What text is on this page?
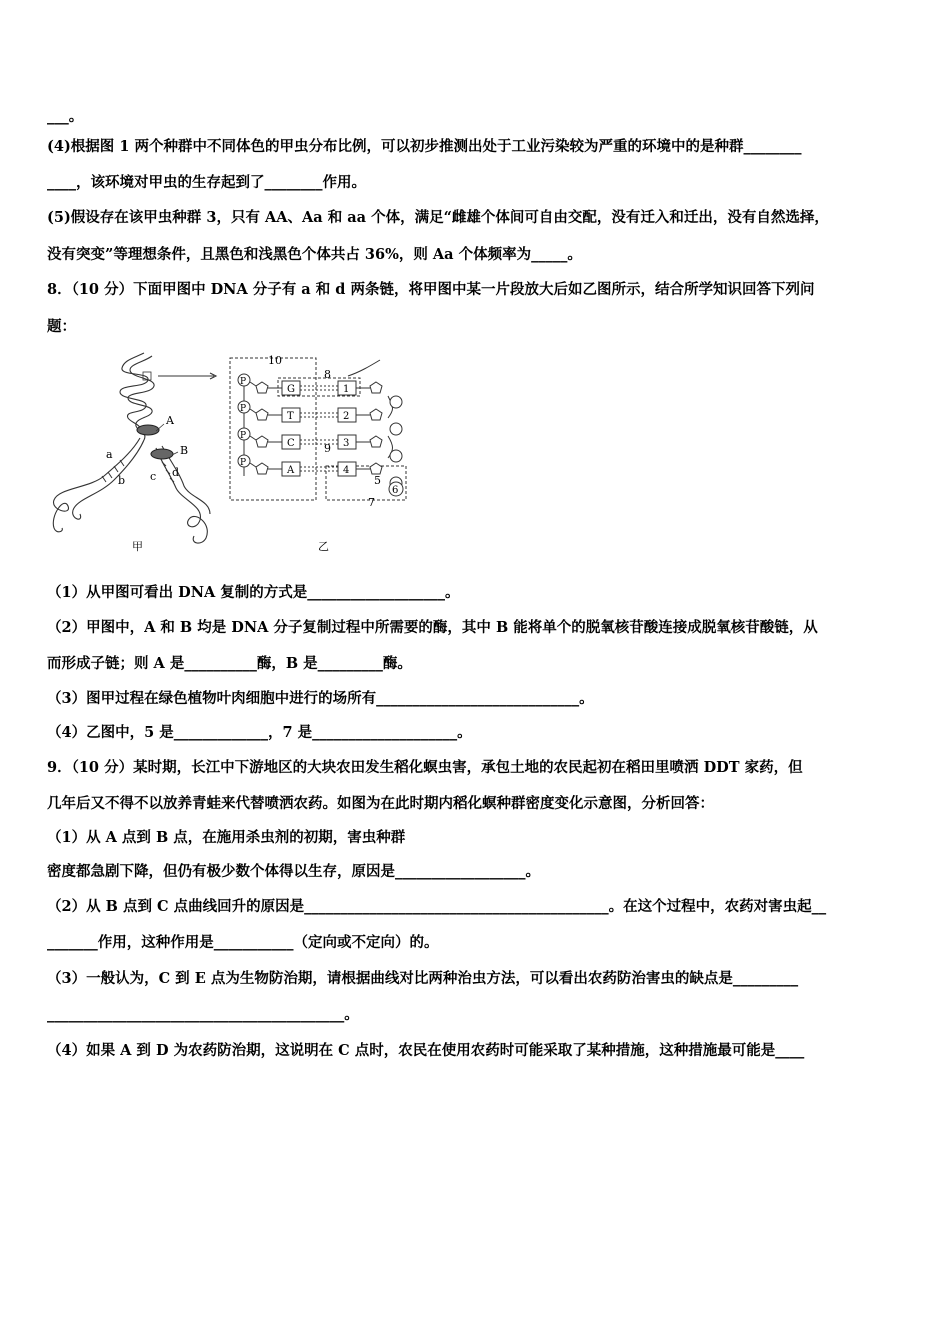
___。
(4)根据图 1 两个种群中不同体色的甲虫分布比例，可以初步推测出处于工业污染较为严重的环境中的是种群________
____，该环境对甲虫的生存起到了________作用。
(5)假设存在该甲虫种群 3，只有 AA、Aa 和 aa 个体，满足“雌雄个体间可自由交配，没有迁入和迁出，没有自然选择，
没有突变”等理想条件，且黑色和浅黑色个体共占 36%，则 Aa 个体频率为_____。
8．（10 分）下面甲图中 DNA 分子有 a 和 d 两条链，将甲图中某一片段放大后如乙图所示，结合所学知识回答下列问
题：
（1）从甲图可看出 DNA 复制的方式是___________________。
（2）甲图中，A 和 B 均是 DNA 分子复制过程中所需要的酶，其中 B 能将单个的脱氧核苷酸连接成脱氧核苷酸链，从
而形成子链；则 A 是__________酶，B 是_________酶。
（3）图甲过程在绿色植物叶肉细胞中进行的场所有____________________________。
（4）乙图中，5 是_____________，7 是____________________。
9．（10 分）某时期，长江中下游地区的大块农田发生稻化螟虫害，承包土地的农民起初在稻田里喷洒 DDT 家药，但
几年后又不得不以放养青蛙来代替喷洒农药。如图为在此时期内稻化螟种群密度变化示意图，分析回答：
（1）从 A 点到 B 点，在施用杀虫剂的初期，害虫种群
密度都急剧下降，但仍有极少数个体得以生存，原因是__________________。
（2）从 B 点到 C 点曲线回升的原因是__________________________________________。在这个过程中，农药对害虫起__
_______作用，这种作用是___________（定向或不定向）的。
（3）一般认为，C 到 E 点为生物防治期，请根据曲线对比两种治虫方法，可以看出农药防治害虫的缺点是_________
_________________________________________。
（4）如果 A 到 D 为农药防治期，这说明在 C 点时，农民在使用农药时可能采取了某种措施，这种措施最可能是____
A
B
a
b c d
甲
P
G	1
P
T	2
P
C	3
P
A	4
6
10
8
9
5
7
乙
